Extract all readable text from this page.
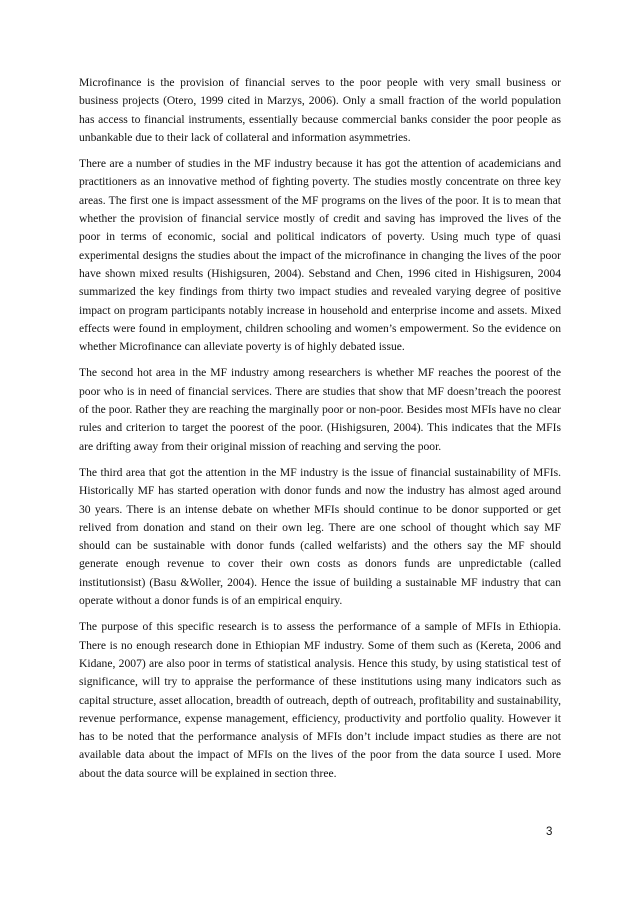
Microfinance is the provision of financial serves to the poor people with very small business or business projects (Otero, 1999 cited in Marzys, 2006). Only a small fraction of the world population has access to financial instruments, essentially because commercial banks consider the poor people as unbankable due to their lack of collateral and information asymmetries.

There are a number of studies in the MF industry because it has got the attention of academicians and practitioners as an innovative method of fighting poverty. The studies mostly concentrate on three key areas. The first one is impact assessment of the MF programs on the lives of the poor. It is to mean that whether the provision of financial service mostly of credit and saving has improved the lives of the poor in terms of economic, social and political indicators of poverty. Using much type of quasi experimental designs the studies about the impact of the microfinance in changing the lives of the poor have shown mixed results (Hishigsuren, 2004). Sebstand and Chen, 1996 cited in Hishigsuren, 2004 summarized the key findings from thirty two impact studies and revealed varying degree of positive impact on program participants notably increase in household and enterprise income and assets. Mixed effects were found in employment, children schooling and women’s empowerment. So the evidence on whether Microfinance can alleviate poverty is of highly debated issue.

The second hot area in the MF industry among researchers is whether MF reaches the poorest of the poor who is in need of financial services. There are studies that show that MF doesn’treach the poorest of the poor. Rather they are reaching the marginally poor or non-poor. Besides most MFIs have no clear rules and criterion to target the poorest of the poor. (Hishigsuren, 2004). This indicates that the MFIs are drifting away from their original mission of reaching and serving the poor.

The third area that got the attention in the MF industry is the issue of financial sustainability of MFIs. Historically MF has started operation with donor funds and now the industry has almost aged around 30 years. There is an intense debate on whether MFIs should continue to be donor supported or get relived from donation and stand on their own leg. There are one school of thought which say MF should can be sustainable with donor funds (called welfarists) and the others say the MF should generate enough revenue to cover their own costs as donors funds are unpredictable (called institutionsist) (Basu &Woller, 2004). Hence the issue of building a sustainable MF industry that can operate without a donor funds is of an empirical enquiry.

The purpose of this specific research is to assess the performance of a sample of MFIs in Ethiopia. There is no enough research done in Ethiopian MF industry. Some of them such as (Kereta, 2006 and Kidane, 2007) are also poor in terms of statistical analysis. Hence this study, by using statistical test of significance, will try to appraise the performance of these institutions using many indicators such as capital structure, asset allocation, breadth of outreach, depth of outreach, profitability and sustainability, revenue performance, expense management, efficiency, productivity and portfolio quality. However it has to be noted that the performance analysis of MFIs don’t include impact studies as there are not available data about the impact of MFIs on the lives of the poor from the data source I used. More about the data source will be explained in section three.

3
